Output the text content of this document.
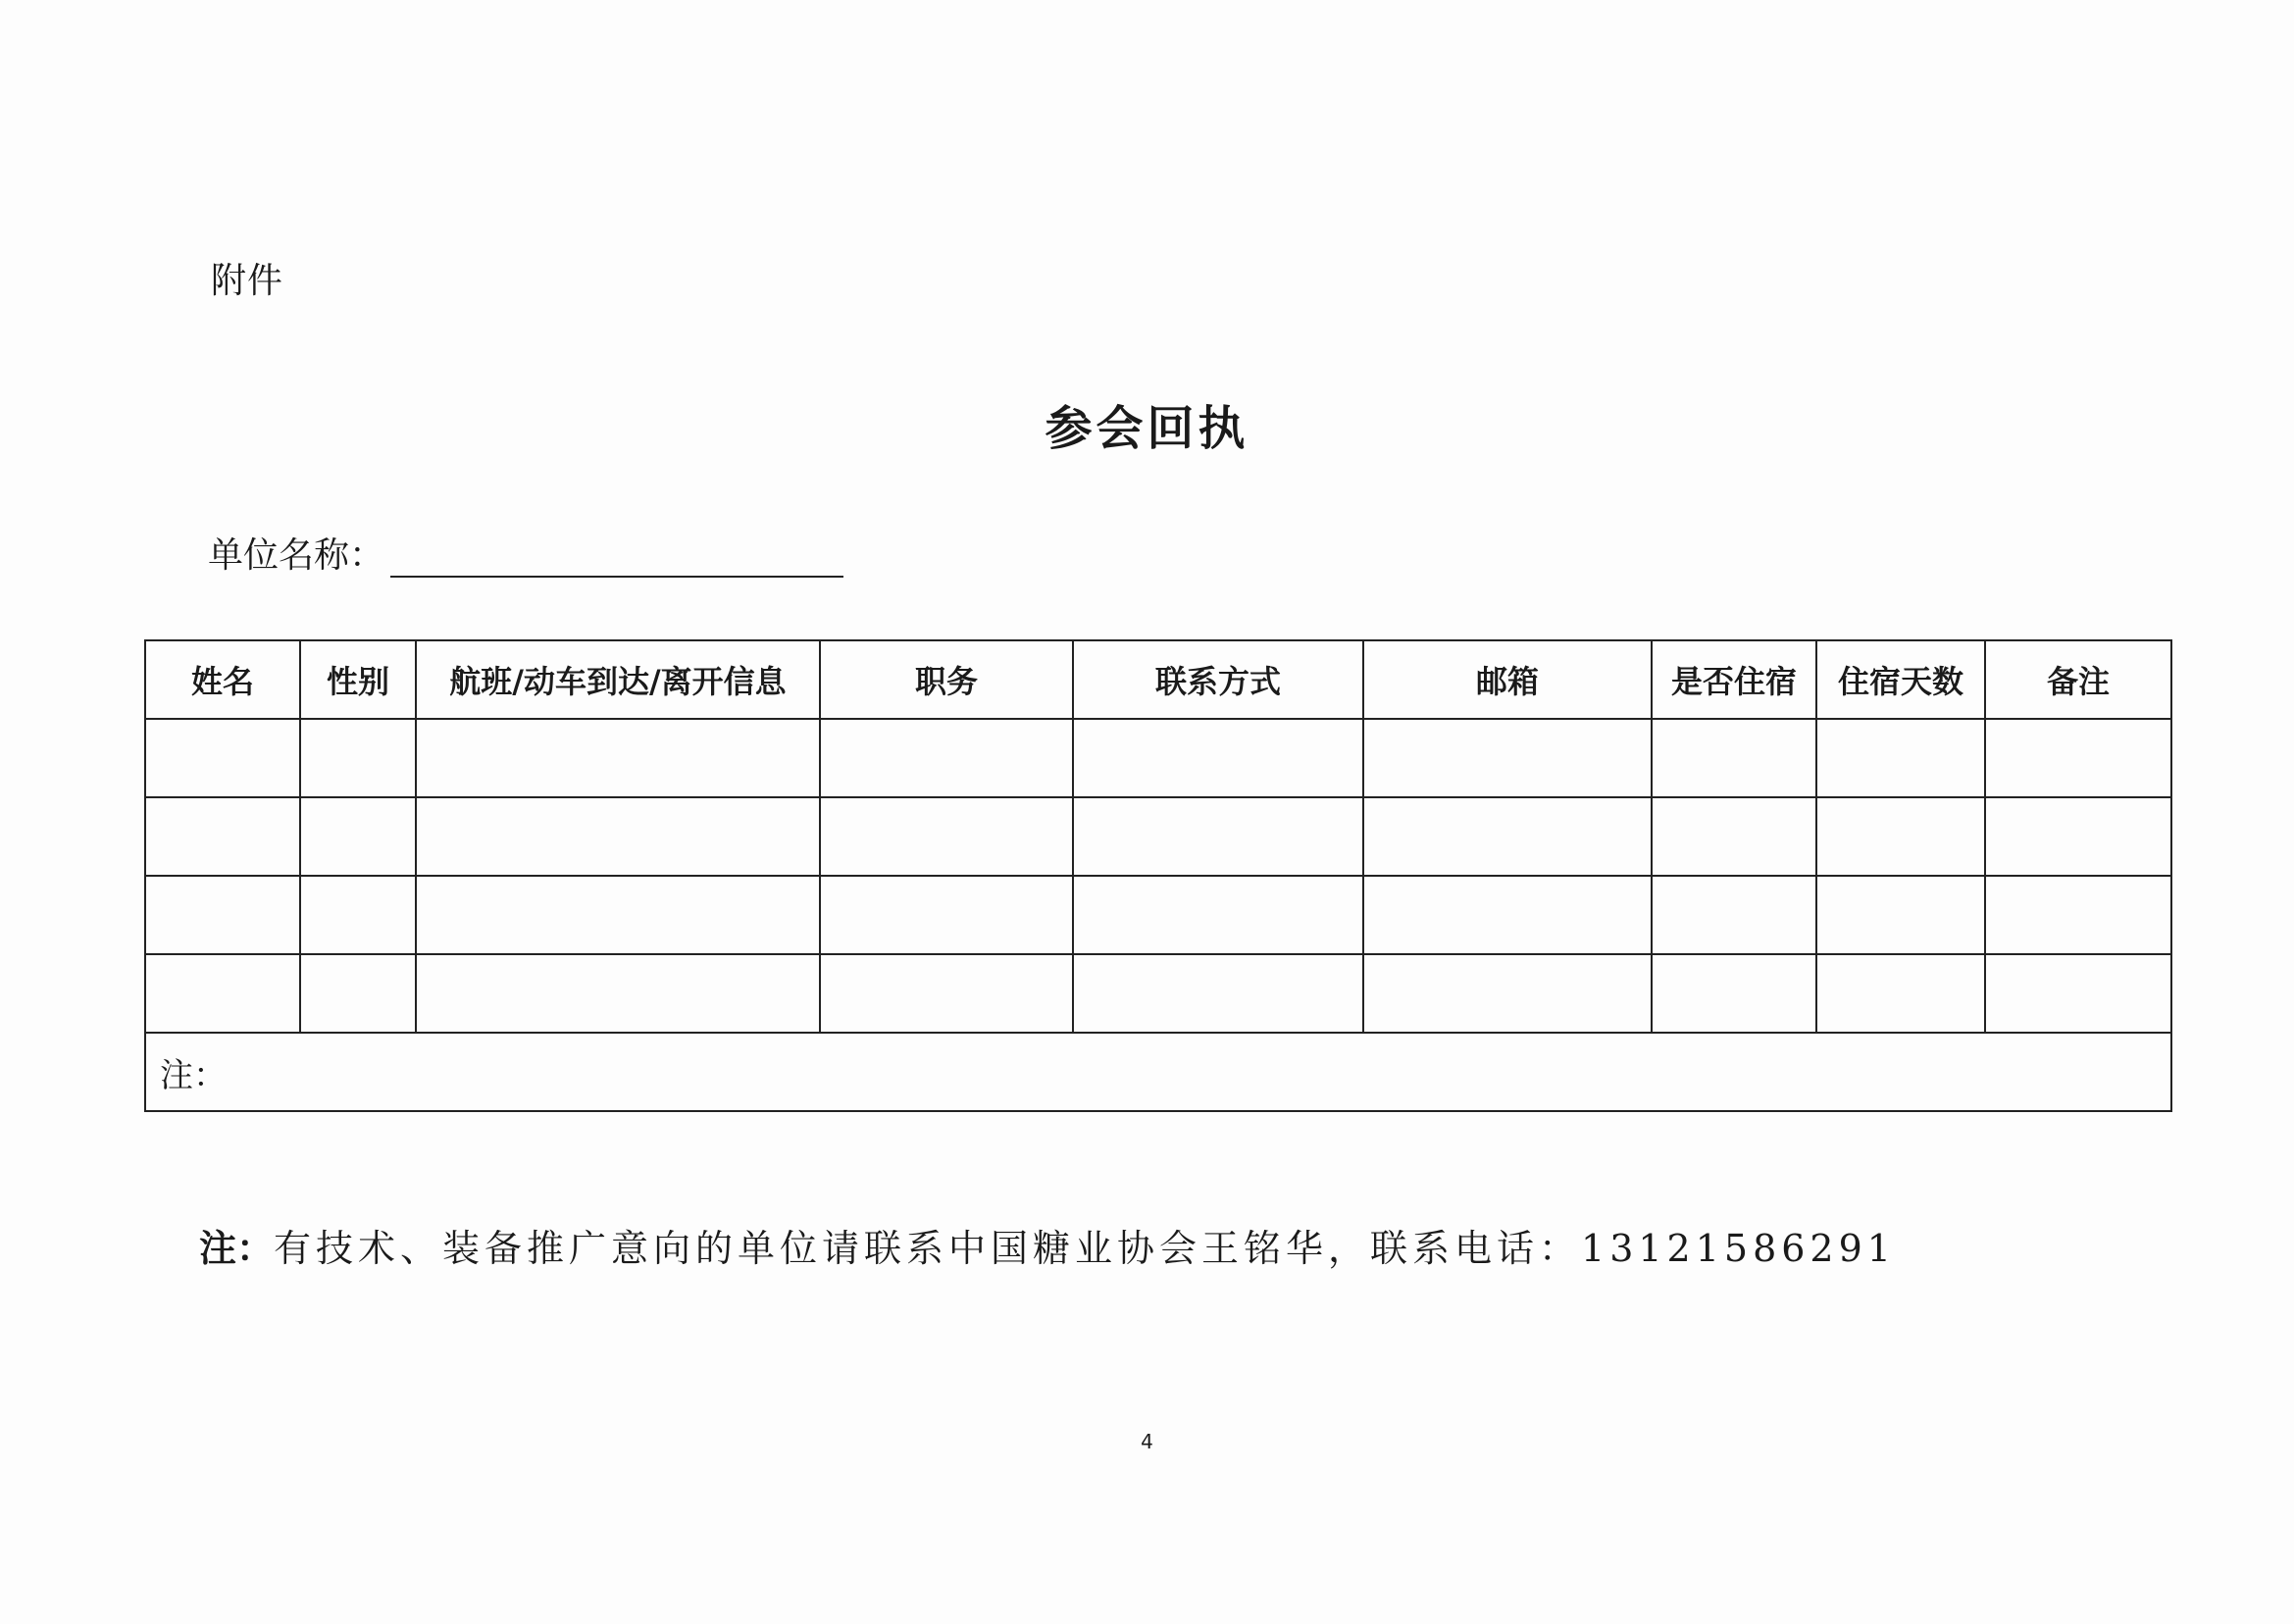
附件
参会回执
单位名称：
姓名	性别	航班/动车到达/离开信息	职务	联系方式	邮箱	是否住宿	住宿天数	备注

注：								
注：有技术、装备推广意向的单位请联系中国糖业协会王铭华，联系电话：13121586291
4
